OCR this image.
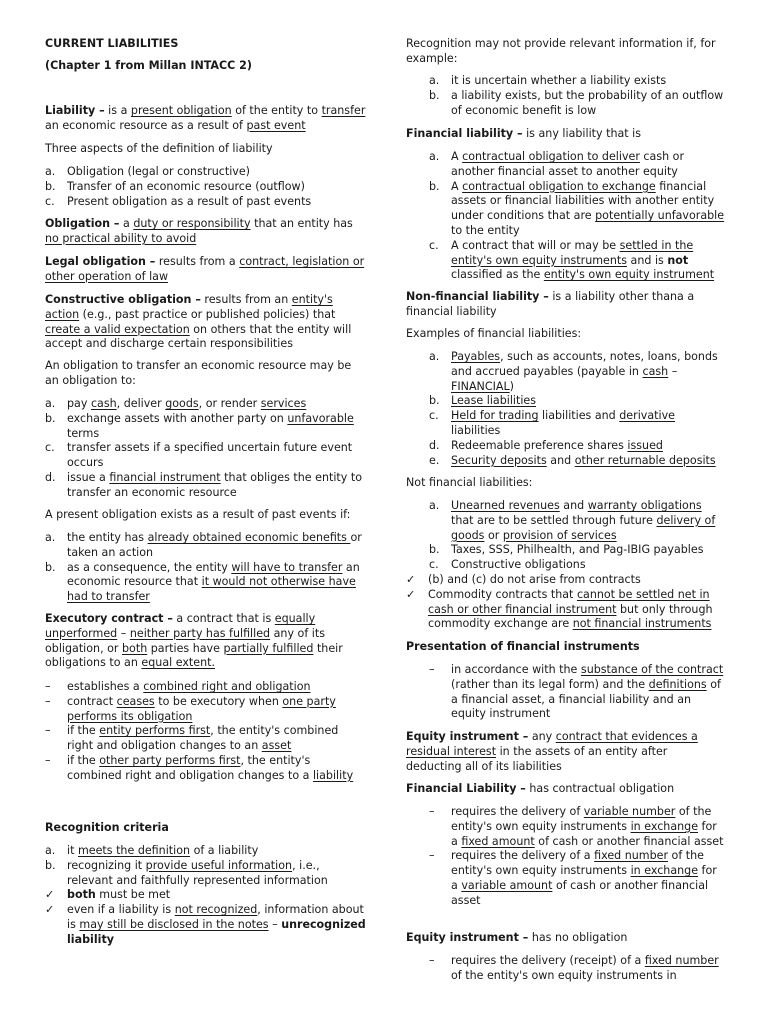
CURRENT LIABILITIES
(Chapter 1 from Millan INTACC 2)
Liability – is a present obligation of the entity to transfer an economic resource as a result of past event
Three aspects of the definition of liability
a. Obligation (legal or constructive)
b. Transfer of an economic resource (outflow)
c. Present obligation as a result of past events
Obligation – a duty or responsibility that an entity has no practical ability to avoid
Legal obligation – results from a contract, legislation or other operation of law
Constructive obligation – results from an entity's action (e.g., past practice or published policies) that create a valid expectation on others that the entity will accept and discharge certain responsibilities
An obligation to transfer an economic resource may be an obligation to:
a. pay cash, deliver goods, or render services
b. exchange assets with another party on unfavorable terms
c. transfer assets if a specified uncertain future event occurs
d. issue a financial instrument that obliges the entity to transfer an economic resource
A present obligation exists as a result of past events if:
a. the entity has already obtained economic benefits or taken an action
b. as a consequence, the entity will have to transfer an economic resource that it would not otherwise have had to transfer
Executory contract – a contract that is equally unperformed – neither party has fulfilled any of its obligation, or both parties have partially fulfilled their obligations to an equal extent.
– establishes a combined right and obligation
– contract ceases to be executory when one party performs its obligation
– if the entity performs first, the entity's combined right and obligation changes to an asset
– if the other party performs first, the entity's combined right and obligation changes to a liability
Recognition criteria
a. it meets the definition of a liability
b. recognizing it provide useful information, i.e., relevant and faithfully represented information
✓ both must be met
✓ even if a liability is not recognized, information about is may still be disclosed in the notes – unrecognized liability
Recognition may not provide relevant information if, for example:
a. it is uncertain whether a liability exists
b. a liability exists, but the probability of an outflow of economic benefit is low
Financial liability – is any liability that is
a. A contractual obligation to deliver cash or another financial asset to another equity
b. A contractual obligation to exchange financial assets or financial liabilities with another entity under conditions that are potentially unfavorable to the entity
c. A contract that will or may be settled in the entity's own equity instruments and is not classified as the entity's own equity instrument
Non-financial liability – is a liability other thana a financial liability
Examples of financial liabilities:
a. Payables, such as accounts, notes, loans, bonds and accrued payables (payable in cash – FINANCIAL)
b. Lease liabilities
c. Held for trading liabilities and derivative liabilities
d. Redeemable preference shares issued
e. Security deposits and other returnable deposits
Not financial liabilities:
a. Unearned revenues and warranty obligations that are to be settled through future delivery of goods or provision of services
b. Taxes, SSS, Philhealth, and Pag-IBIG payables
c. Constructive obligations
✓ (b) and (c) do not arise from contracts
✓ Commodity contracts that cannot be settled net in cash or other financial instrument but only through commodity exchange are not financial instruments
Presentation of financial instruments
– in accordance with the substance of the contract (rather than its legal form) and the definitions of a financial asset, a financial liability and an equity instrument
Equity instrument – any contract that evidences a residual interest in the assets of an entity after deducting all of its liabilities
Financial Liability – has contractual obligation
– requires the delivery of variable number of the entity's own equity instruments in exchange for a fixed amount of cash or another financial asset
– requires the delivery of a fixed number of the entity's own equity instruments in exchange for a variable amount of cash or another financial asset
Equity instrument – has no obligation
– requires the delivery (receipt) of a fixed number of the entity's own equity instruments in
